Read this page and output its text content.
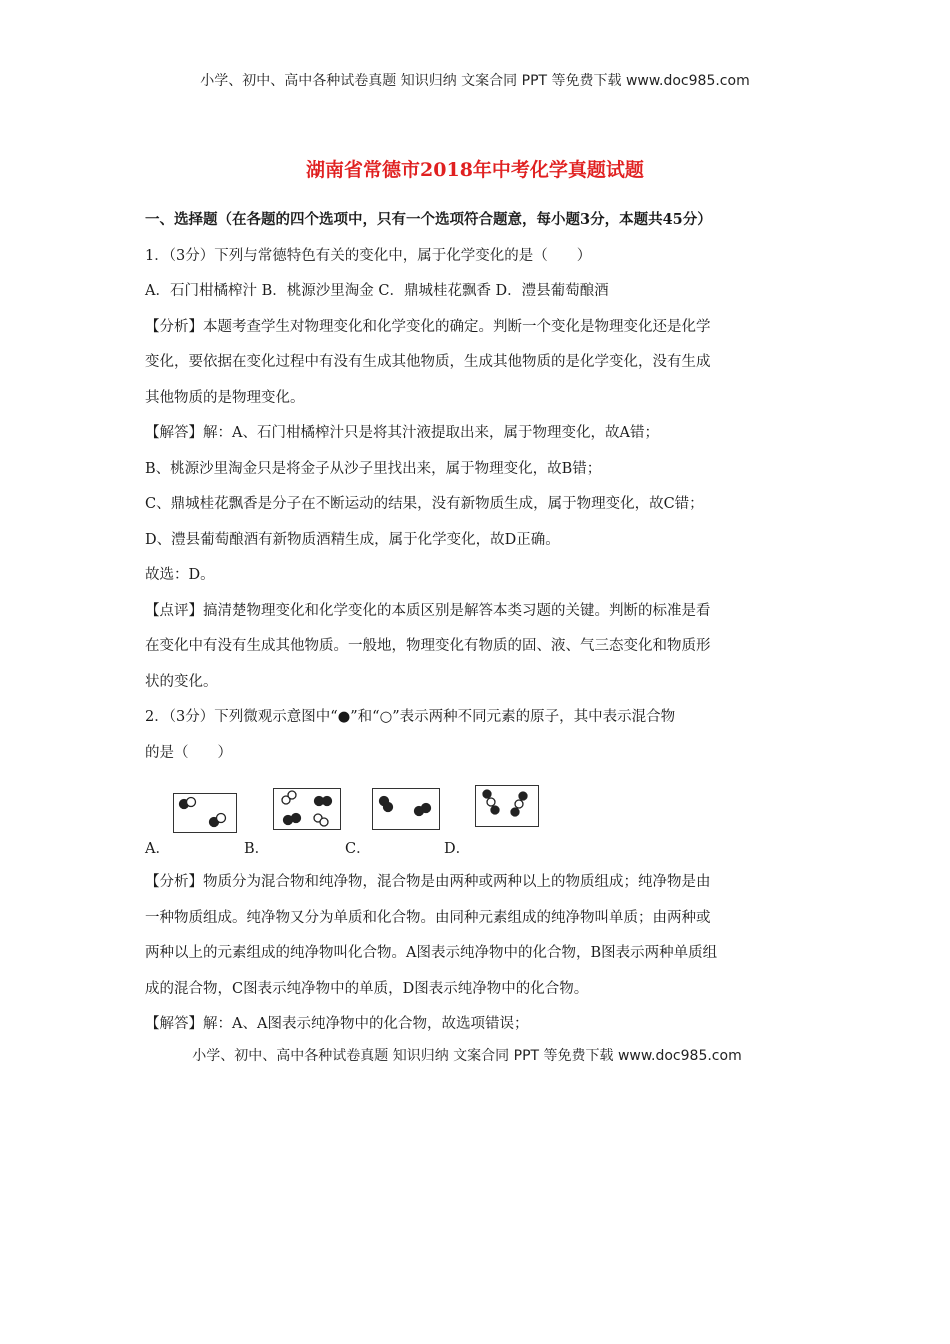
小学、初中、高中各种试卷真题 知识归纳 文案合同 PPT 等免费下载 www.doc985.com
湖南省常德市2018年中考化学真题试题
一、选择题（在各题的四个选项中，只有一个选项符合题意，每小题3分，本题共45分）
1．（3分）下列与常德特色有关的变化中，属于化学变化的是（　　）
A．石门柑橘榨汁 B．桃源沙里淘金 C．鼎城桂花飘香 D．澧县葡萄酿酒
【分析】本题考查学生对物理变化和化学变化的确定。判断一个变化是物理变化还是化学
变化，要依据在变化过程中有没有生成其他物质，生成其他物质的是化学变化，没有生成
其他物质的是物理变化。
【解答】解：A、石门柑橘榨汁只是将其汁液提取出来，属于物理变化，故A错；
B、桃源沙里淘金只是将金子从沙子里找出来，属于物理变化，故B错；
C、鼎城桂花飘香是分子在不断运动的结果，没有新物质生成，属于物理变化，故C错；
D、澧县葡萄酿酒有新物质酒精生成，属于化学变化，故D正确。
故选：D。
【点评】搞清楚物理变化和化学变化的本质区别是解答本类习题的关键。判断的标准是看
在变化中有没有生成其他物质。一般地，物理变化有物质的固、液、气三态变化和物质形
状的变化。
2．（3分）下列微观示意图中“●”和“○”表示两种不同元素的原子，其中表示混合物
的是（　　）
A．	B．	C．	D．
【分析】物质分为混合物和纯净物，混合物是由两种或两种以上的物质组成；纯净物是由
一种物质组成。纯净物又分为单质和化合物。由同种元素组成的纯净物叫单质；由两种或
两种以上的元素组成的纯净物叫化合物。A图表示纯净物中的化合物，B图表示两种单质组
成的混合物，C图表示纯净物中的单质，D图表示纯净物中的化合物。
【解答】解：A、A图表示纯净物中的化合物，故选项错误；
小学、初中、高中各种试卷真题 知识归纳 文案合同 PPT 等免费下载 www.doc985.com
